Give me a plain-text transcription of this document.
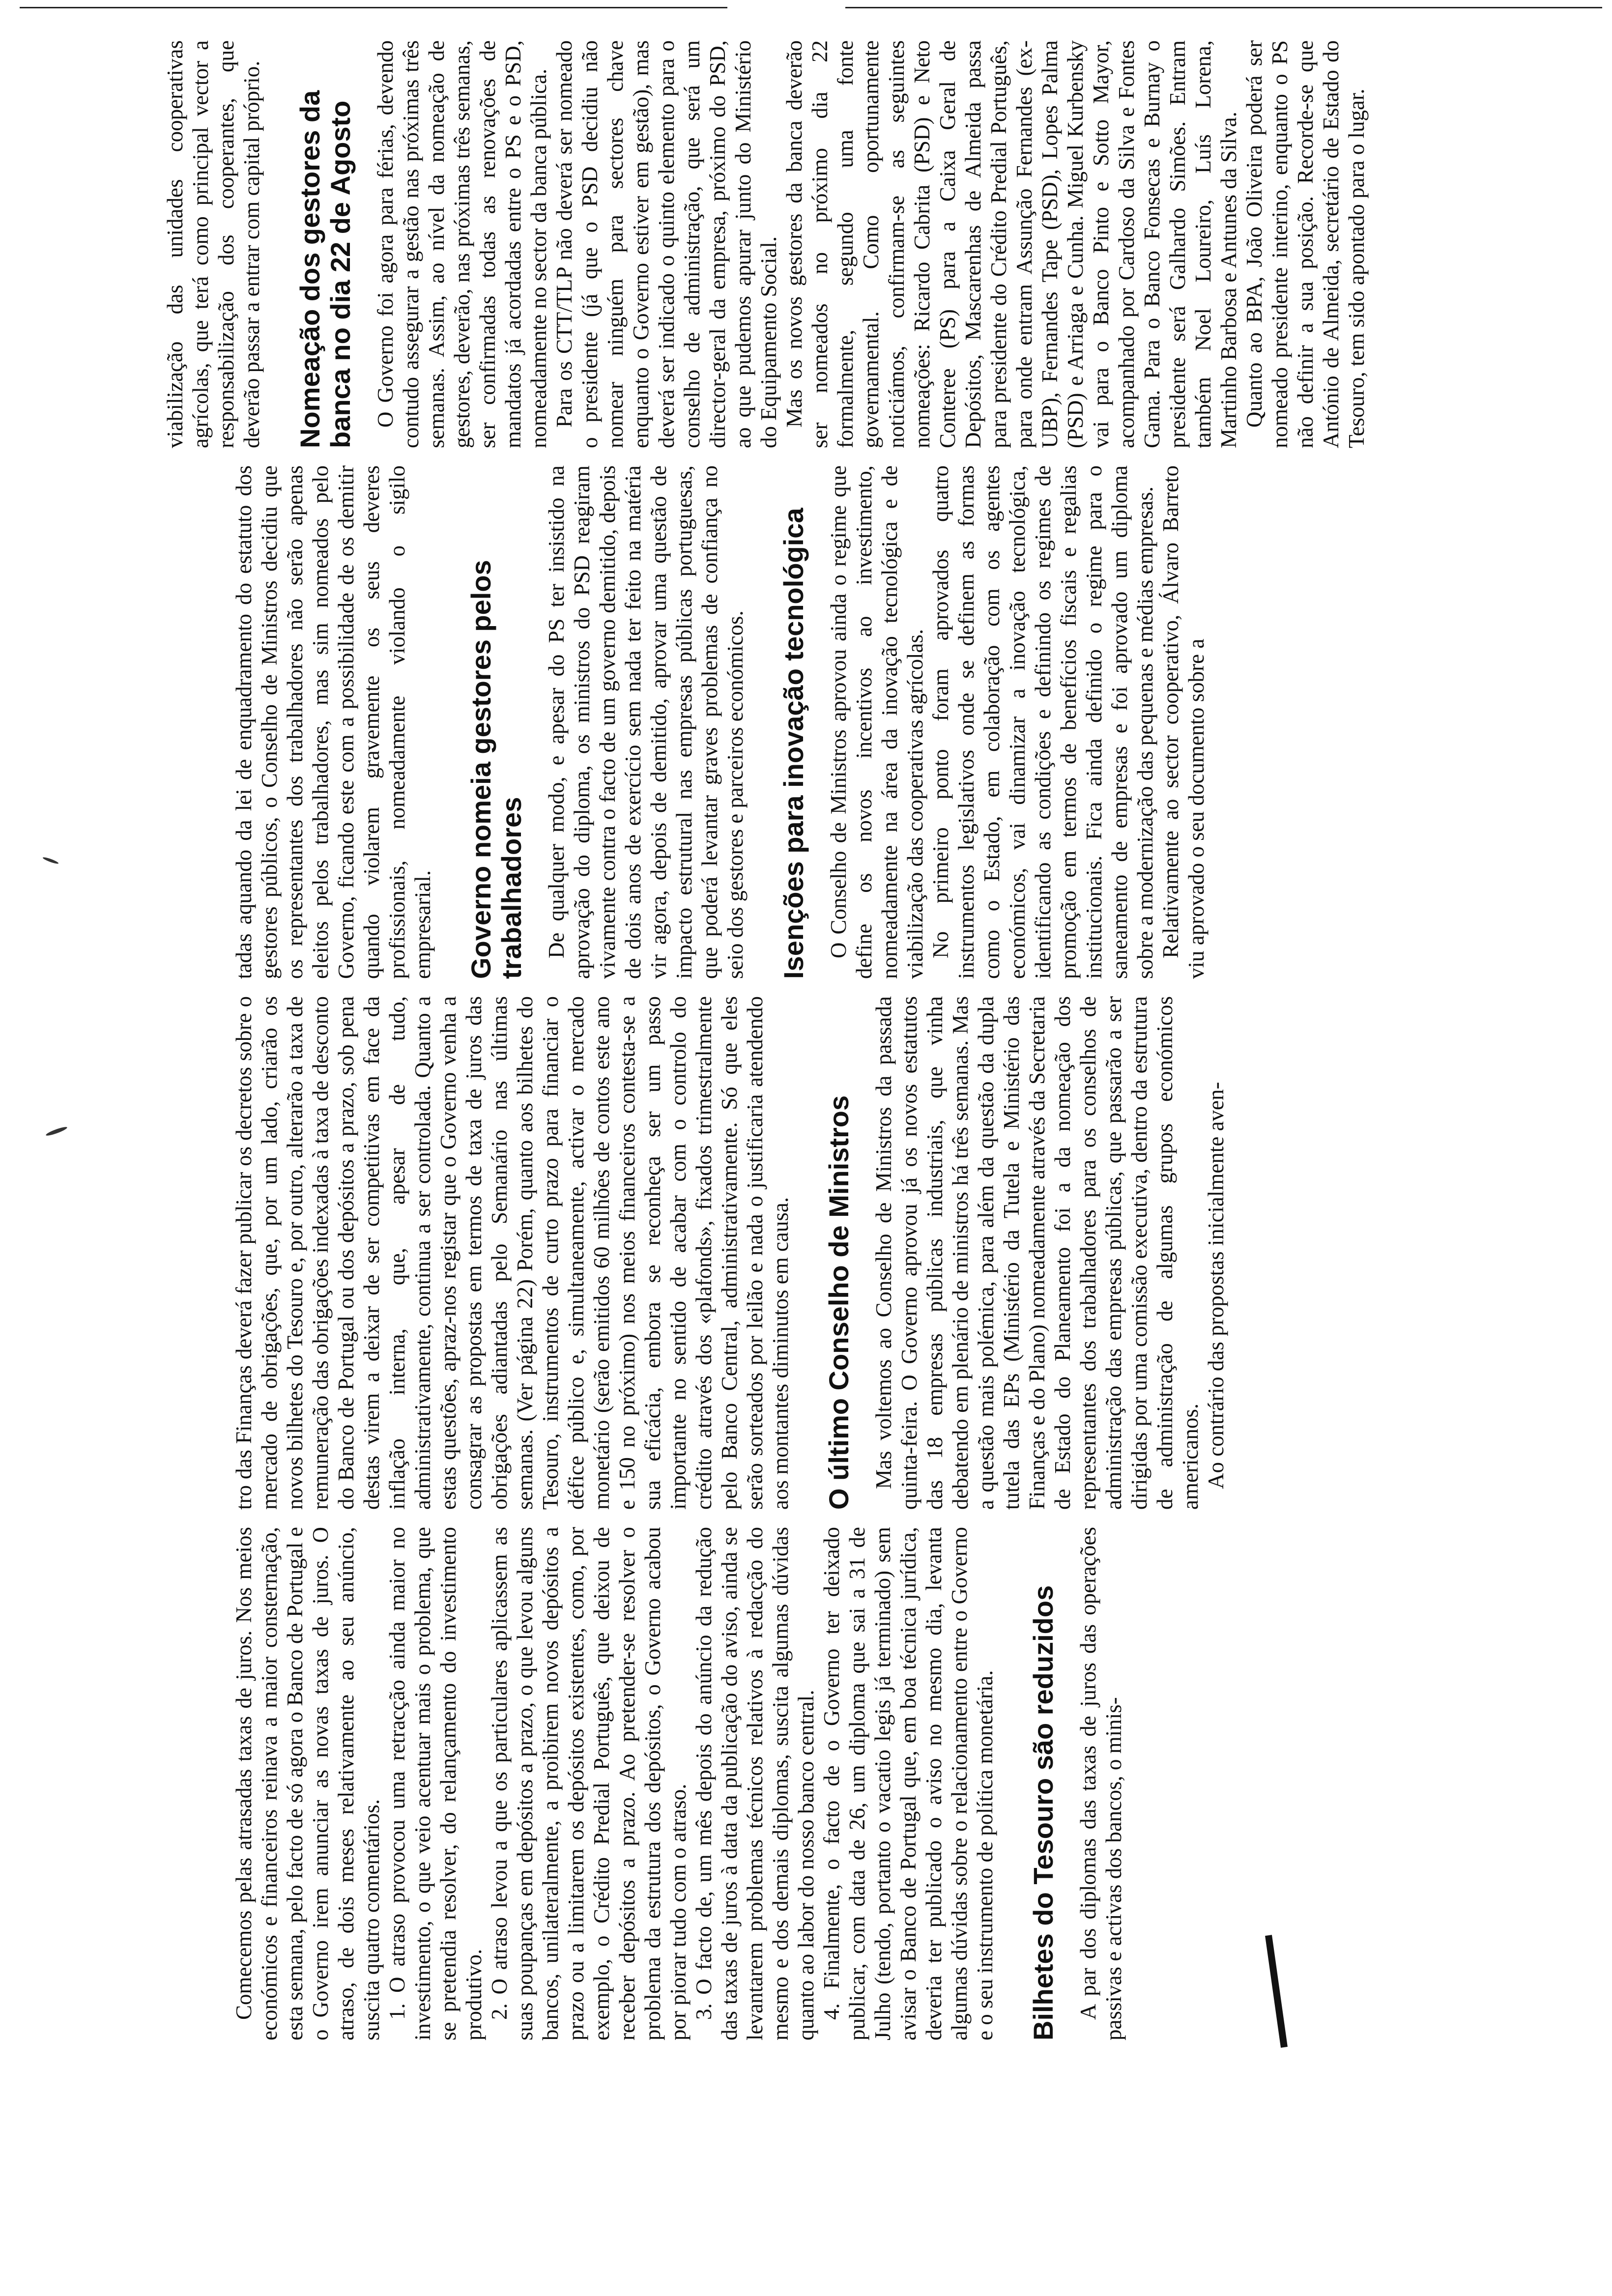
Comecemos pelas atrasadas taxas de juros. Nos meios económicos e financeiros reinava a maior consternação, esta semana, pelo facto de só agora o Banco de Portugal e o Governo irem anunciar as novas taxas de juros. O atraso, de dois meses relativamente ao seu anúncio, suscita quatro comentários. 1. O atraso provocou uma retracção ainda maior no investimento, o que veio acentuar mais o problema, que se pretendia resolver, do relançamento do investimento produtivo. 2. O atraso levou a que os particulares aplicassem as suas poupanças em depósitos a prazo, o que levou alguns bancos, unilateralmente, a proibirem novos depósitos a prazo ou a limitarem os depósitos existentes, como, por exemplo, o Crédito Predial Português, que deixou de receber depósitos a prazo. Ao pretender-se resolver o problema da estrutura dos depósitos, o Governo acabou por piorar tudo com o atraso. 3. O facto de, um mês depois do anúncio da redução das taxas de juros à data da publicação do aviso, ainda se levantarem problemas técnicos relativos à redacção do mesmo e dos demais diplomas, suscita algumas dúvidas quanto ao labor do nosso banco central. 4. Finalmente, o facto de o Governo ter deixado publicar, com data de 26, um diploma que sai a 31 de Julho (tendo, portanto o vacatio legis já terminado) sem avisar o Banco de Portugal que, em boa técnica jurídica, deveria ter publicado o aviso no mesmo dia, levanta algumas dúvidas sobre o relacionamento entre o Governo e o seu instrumento de política monetária. Bilhetes do Tesouro são reduzidos A par dos diplomas das taxas de juros das operações passivas e activas dos bancos, o minis-

tro das Finanças deverá fazer publicar os decretos sobre o mercado de obrigações, que, por um lado, criarão os novos bilhetes do Tesouro e, por outro, alterarão a taxa de remuneração das obrigações indexadas à taxa de desconto do Banco de Portugal ou dos depósitos a prazo, sob pena destas virem a deixar de ser competitivas em face da inflação interna, que, apesar de tudo, administrativamente, continua a ser controlada. Quanto a estas questões, apraz-nos registar que o Governo venha a consagrar as propostas em termos de taxa de juros das obrigações adiantadas pelo Semanário nas últimas semanas. (Ver página 22) Porém, quanto aos bilhetes do Tesouro, instrumentos de curto prazo para financiar o défice público e, simultaneamente, activar o mercado monetário (serão emitidos 60 milhões de contos este ano e 150 no próximo) nos meios financeiros contesta-se a sua eficácia, embora se reconheça ser um passo importante no sentido de acabar com o controlo do crédito através dos «plafonds», fixados trimestralmente pelo Banco Central, administrativamente. Só que eles serão sorteados por leilão e nada o justificaria atendendo aos montantes diminutos em causa. O último Conselho de Ministros Mas voltemos ao Conselho de Ministros da passada quinta-feira. O Governo aprovou já os novos estatutos das 18 empresas públicas industriais, que vinha debatendo em plenário de ministros há três semanas. Mas a questão mais polémica, para além da questão da dupla tutela das EPs (Ministério da Tutela e Ministério das Finanças e do Plano) nomeadamente através da Secretaria de Estado do Planeamento foi a da nomeação dos representantes dos trabalhadores para os conselhos de administração das empresas públicas, que passarão a ser dirigidas por uma comissão executiva, dentro da estrutura de administração de algumas grupos económicos americanos. Ao contrário das propostas inicialmente aven-

tadas aquando da lei de enquadramento do estatuto dos gestores públicos, o Conselho de Ministros decidiu que os representantes dos trabalhadores não serão apenas eleitos pelos trabalhadores, mas sim nomeados pelo Governo, ficando este com a possibilidade de os demitir quando violarem gravemente os seus deveres profissionais, nomeadamente violando o sigilo empresarial. Governo nomeia gestores pelos trabalhadores De qualquer modo, e apesar do PS ter insistido na aprovação do diploma, os ministros do PSD reagiram vivamente contra o facto de um governo demitido, depois de dois anos de exercício sem nada ter feito na matéria vir agora, depois de demitido, aprovar uma questão de impacto estrutural nas empresas públicas portuguesas, que poderá levantar graves problemas de confiança no seio dos gestores e parceiros económicos. Isenções para inovação tecnológica O Conselho de Ministros aprovou ainda o regime que define os novos incentivos ao investimento, nomeadamente na área da inovação tecnológica e de viabilização das cooperativas agrícolas. No primeiro ponto foram aprovados quatro instrumentos legislativos onde se definem as formas como o Estado, em colaboração com os agentes económicos, vai dinamizar a inovação tecnológica, identificando as condições e definindo os regimes de promoção em termos de benefícios fiscais e regalias institucionais. Fica ainda definido o regime para o saneamento de empresas e foi aprovado um diploma sobre a modernização das pequenas e médias empresas. Relativamente ao sector cooperativo, Álvaro Barreto viu aprovado o seu documento sobre a

viabilização das unidades cooperativas agrícolas, que terá como principal vector a responsabilização dos cooperantes, que deverão passar a entrar com capital próprio. Nomeação dos gestores da banca no dia 22 de Agosto O Governo foi agora para férias, devendo contudo assegurar a gestão nas próximas três semanas. Assim, ao nível da nomeação de gestores, deverão, nas próximas três semanas, ser confirmadas todas as renovações de mandatos já acordadas entre o PS e o PSD, nomeadamente no sector da banca pública. Para os CTT/TLP não deverá ser nomeado o presidente (já que o PSD decidiu não nomear ninguém para sectores chave enquanto o Governo estiver em gestão), mas deverá ser indicado o quinto elemento para o conselho de administração, que será um director-geral da empresa, próximo do PSD, ao que pudemos apurar junto do Ministério do Equipamento Social. Mas os novos gestores da banca deverão ser nomeados no próximo dia 22 formalmente, segundo uma fonte governamental. Como oportunamente noticiámos, confirmam-se as seguintes nomeações: Ricardo Cabrita (PSD) e Neto Conteree (PS) para a Caixa Geral de Depósitos, Mascarenhas de Almeida passa para presidente do Crédito Predial Português, para onde entram Assunção Fernandes (ex-UBP), Fernandes Tape (PSD), Lopes Palma (PSD) e Arriaga e Cunha. Miguel Kurbensky vai para o Banco Pinto e Sotto Mayor, acompanhado por Cardoso da Silva e Fontes Gama. Para o Banco Fonsecas e Burnay o presidente será Galhardo Simões. Entram também Noel Loureiro, Luís Lorena, Martinho Barbosa e Antunes da Silva. Quanto ao BPA, João Oliveira poderá ser nomeado presidente interino, enquanto o PS não definir a sua posição. Recorde-se que António de Almeida, secretário de Estado do Tesouro, tem sido apontado para o lugar.
